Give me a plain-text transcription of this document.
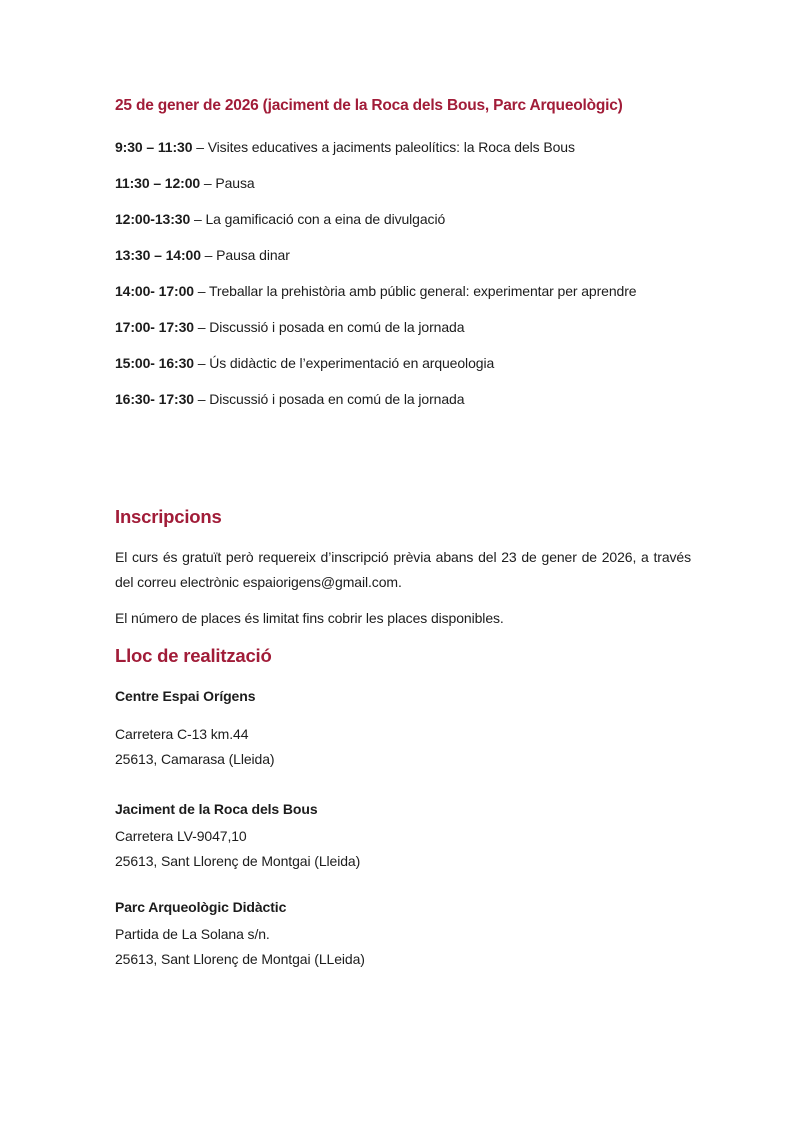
25 de gener de 2026 (jaciment de la Roca dels Bous, Parc Arqueològic)

9:30 – 11:30 – Visites educatives a jaciments paleolítics: la Roca dels Bous

11:30 – 12:00 – Pausa

12:00-13:30 – La gamificació con a eina de divulgació

13:30 – 14:00 – Pausa dinar

14:00- 17:00 – Treballar la prehistòria amb públic general: experimentar per aprendre

17:00- 17:30 – Discussió i posada en comú de la jornada

15:00- 16:30 – Ús didàctic de l’experimentació en arqueologia

16:30- 17:30 – Discussió i posada en comú de la jornada

Inscripcions

El curs és gratuït però requereix d’inscripció prèvia abans del 23 de gener de 2026, a través del correu electrònic espaiorigens@gmail.com.

El número de places és limitat fins cobrir les places disponibles.

Lloc de realització

Centre Espai Orígens

Carretera C-13 km.44

25613, Camarasa (Lleida)

Jaciment de la Roca dels Bous

Carretera LV-9047,10

25613, Sant Llorenç de Montgai (Lleida)

Parc Arqueològic Didàctic

Partida de La Solana s/n.

25613, Sant Llorenç de Montgai (LLeida)
